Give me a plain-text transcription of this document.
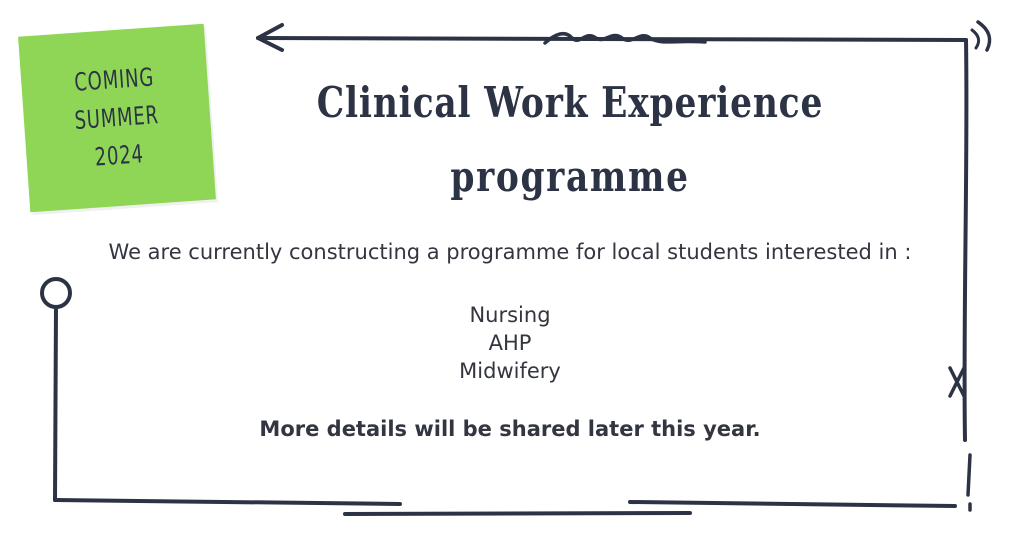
COMING
SUMMER
2024
Clinical Work Experience
programme

We are currently constructing a programme for local students interested in :

Nursing
AHP
Midwifery

More details will be shared later this year.
